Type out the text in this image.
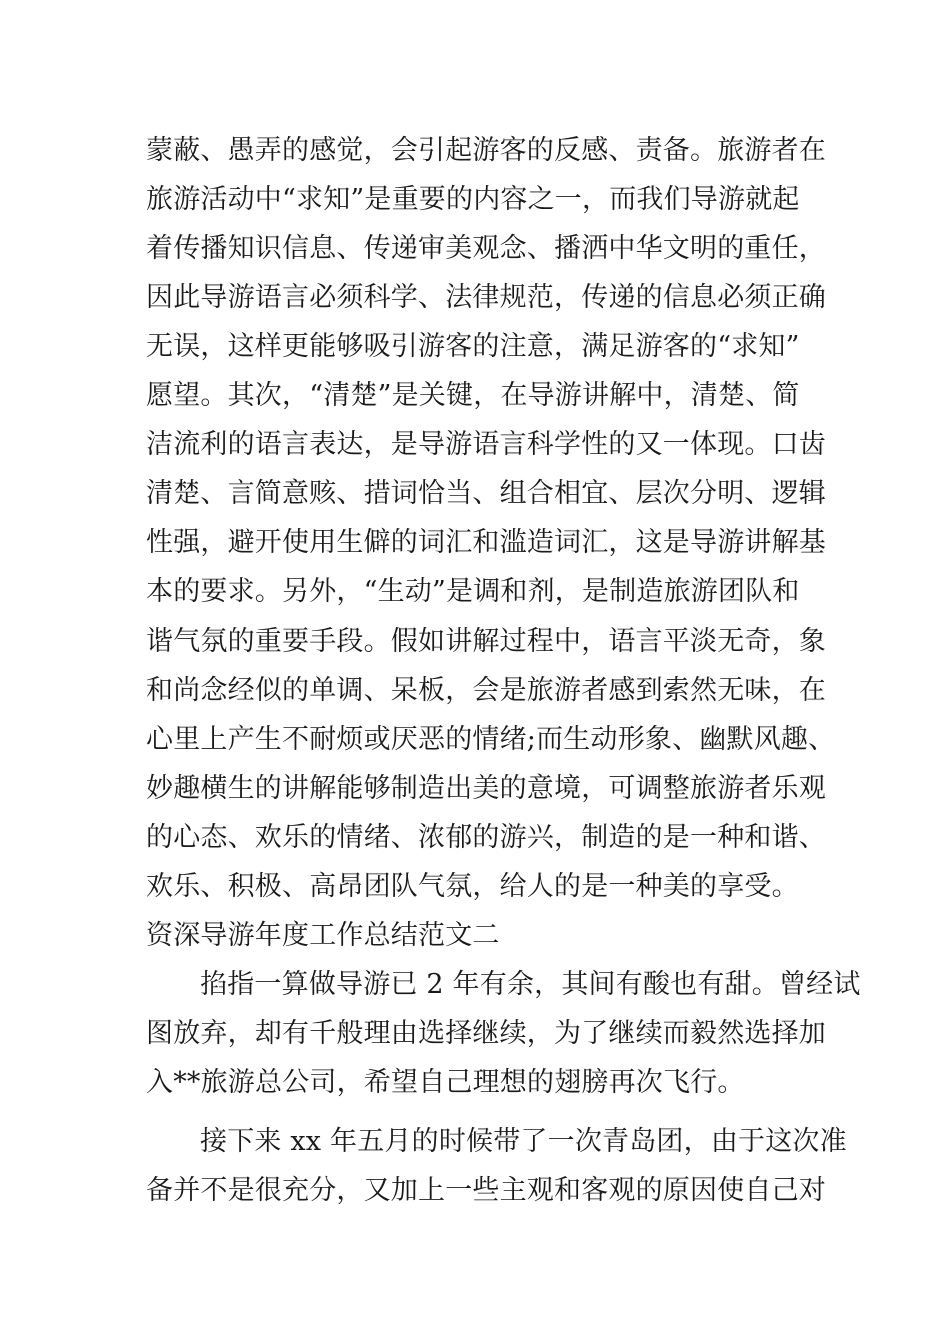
蒙蔽、愚弄的感觉，会引起游客的反感、责备。旅游者在
旅游活动中“求知”是重要的内容之一，而我们导游就起
着传播知识信息、传递审美观念、播洒中华文明的重任，
因此导游语言必须科学、法律规范，传递的信息必须正确
无误，这样更能够吸引游客的注意，满足游客的“求知”
愿望。其次，“清楚”是关键，在导游讲解中，清楚、简
洁流利的语言表达，是导游语言科学性的又一体现。口齿
清楚、言简意赅、措词恰当、组合相宜、层次分明、逻辑
性强，避开使用生僻的词汇和滥造词汇，这是导游讲解基
本的要求。另外，“生动”是调和剂，是制造旅游团队和
谐气氛的重要手段。假如讲解过程中，语言平淡无奇，象
和尚念经似的单调、呆板，会是旅游者感到索然无味，在
心里上产生不耐烦或厌恶的情绪;而生动形象、幽默风趣、
妙趣横生的讲解能够制造出美的意境，可调整旅游者乐观
的心态、欢乐的情绪、浓郁的游兴，制造的是一种和谐、
欢乐、积极、高昂团队气氛，给人的是一种美的享受。
资深导游年度工作总结范文二
掐指一算做导游已 2 年有余，其间有酸也有甜。曾经试
图放弃，却有千般理由选择继续，为了继续而毅然选择加
入**旅游总公司，希望自己理想的翅膀再次飞行。
接下来 xx 年五月的时候带了一次青岛团，由于这次准
备并不是很充分，又加上一些主观和客观的原因使自己对
